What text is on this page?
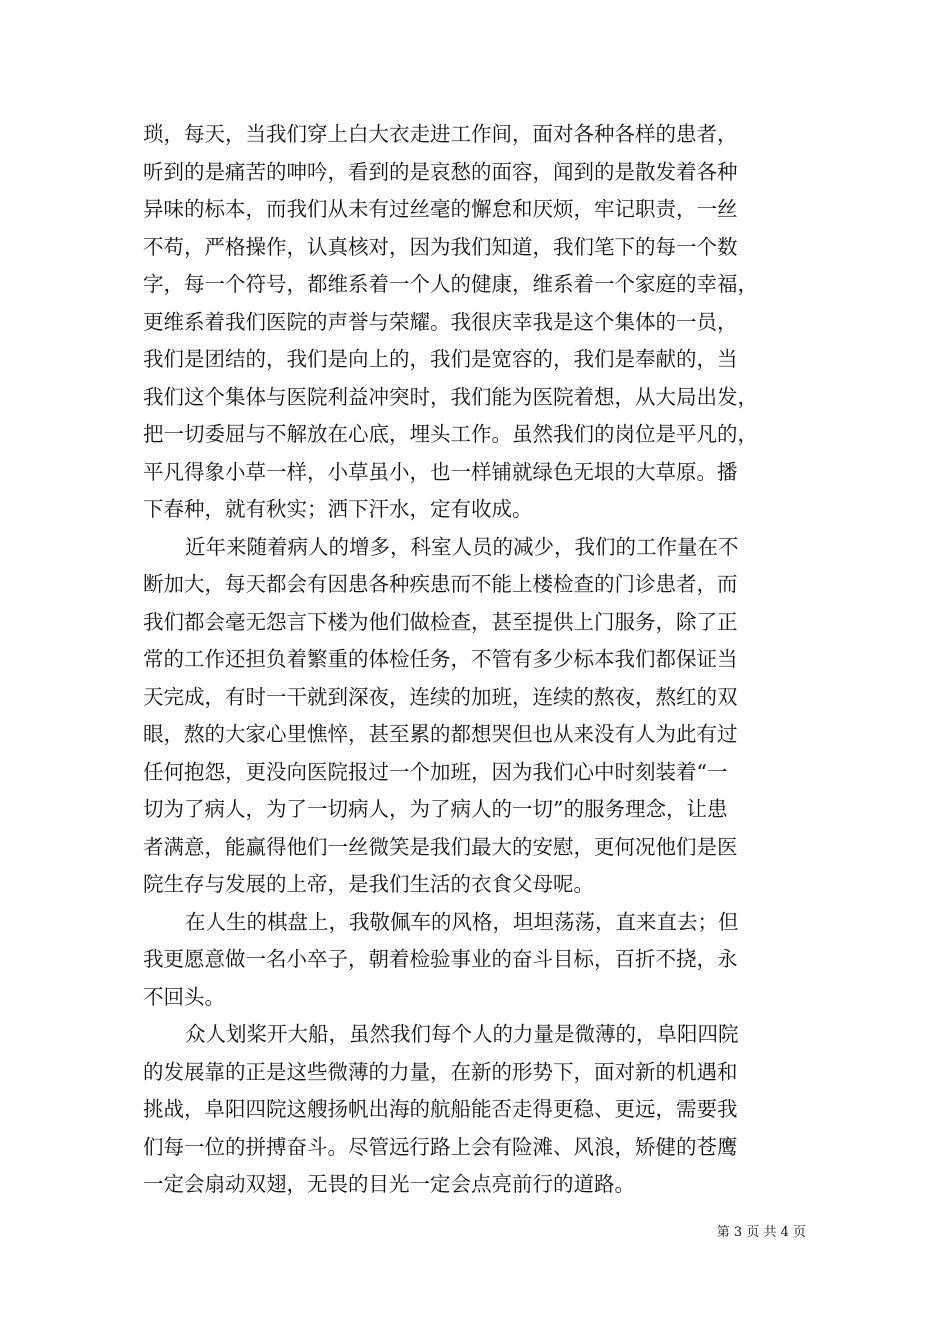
琐，每天，当我们穿上白大衣走进工作间，面对各种各样的患者，
听到的是痛苦的呻吟，看到的是哀愁的面容，闻到的是散发着各种
异味的标本，而我们从未有过丝毫的懈怠和厌烦，牢记职责，一丝
不苟，严格操作，认真核对，因为我们知道，我们笔下的每一个数
字，每一个符号，都维系着一个人的健康，维系着一个家庭的幸福，
更维系着我们医院的声誉与荣耀。我很庆幸我是这个集体的一员，
我们是团结的，我们是向上的，我们是宽容的，我们是奉献的，当
我们这个集体与医院利益冲突时，我们能为医院着想，从大局出发，
把一切委屈与不解放在心底，埋头工作。虽然我们的岗位是平凡的，
平凡得象小草一样，小草虽小，也一样铺就绿色无垠的大草原。播
下春种，就有秋实；洒下汗水，定有收成。
近年来随着病人的增多，科室人员的减少，我们的工作量在不
断加大，每天都会有因患各种疾患而不能上楼检查的门诊患者，而
我们都会毫无怨言下楼为他们做检查，甚至提供上门服务，除了正
常的工作还担负着繁重的体检任务，不管有多少标本我们都保证当
天完成，有时一干就到深夜，连续的加班，连续的熬夜，熬红的双
眼，熬的大家心里憔悴，甚至累的都想哭但也从来没有人为此有过
任何抱怨，更没向医院报过一个加班，因为我们心中时刻装着“一
切为了病人，为了一切病人，为了病人的一切”的服务理念，让患
者满意，能赢得他们一丝微笑是我们最大的安慰，更何况他们是医
院生存与发展的上帝，是我们生活的衣食父母呢。
在人生的棋盘上，我敬佩车的风格，坦坦荡荡，直来直去；但
我更愿意做一名小卒子，朝着检验事业的奋斗目标，百折不挠，永
不回头。
众人划桨开大船，虽然我们每个人的力量是微薄的，阜阳四院
的发展靠的正是这些微薄的力量，在新的形势下，面对新的机遇和
挑战，阜阳四院这艘扬帆出海的航船能否走得更稳、更远，需要我
们每一位的拼搏奋斗。尽管远行路上会有险滩、风浪，矫健的苍鹰
一定会扇动双翅，无畏的目光一定会点亮前行的道路。
第 3 页 共 4 页
